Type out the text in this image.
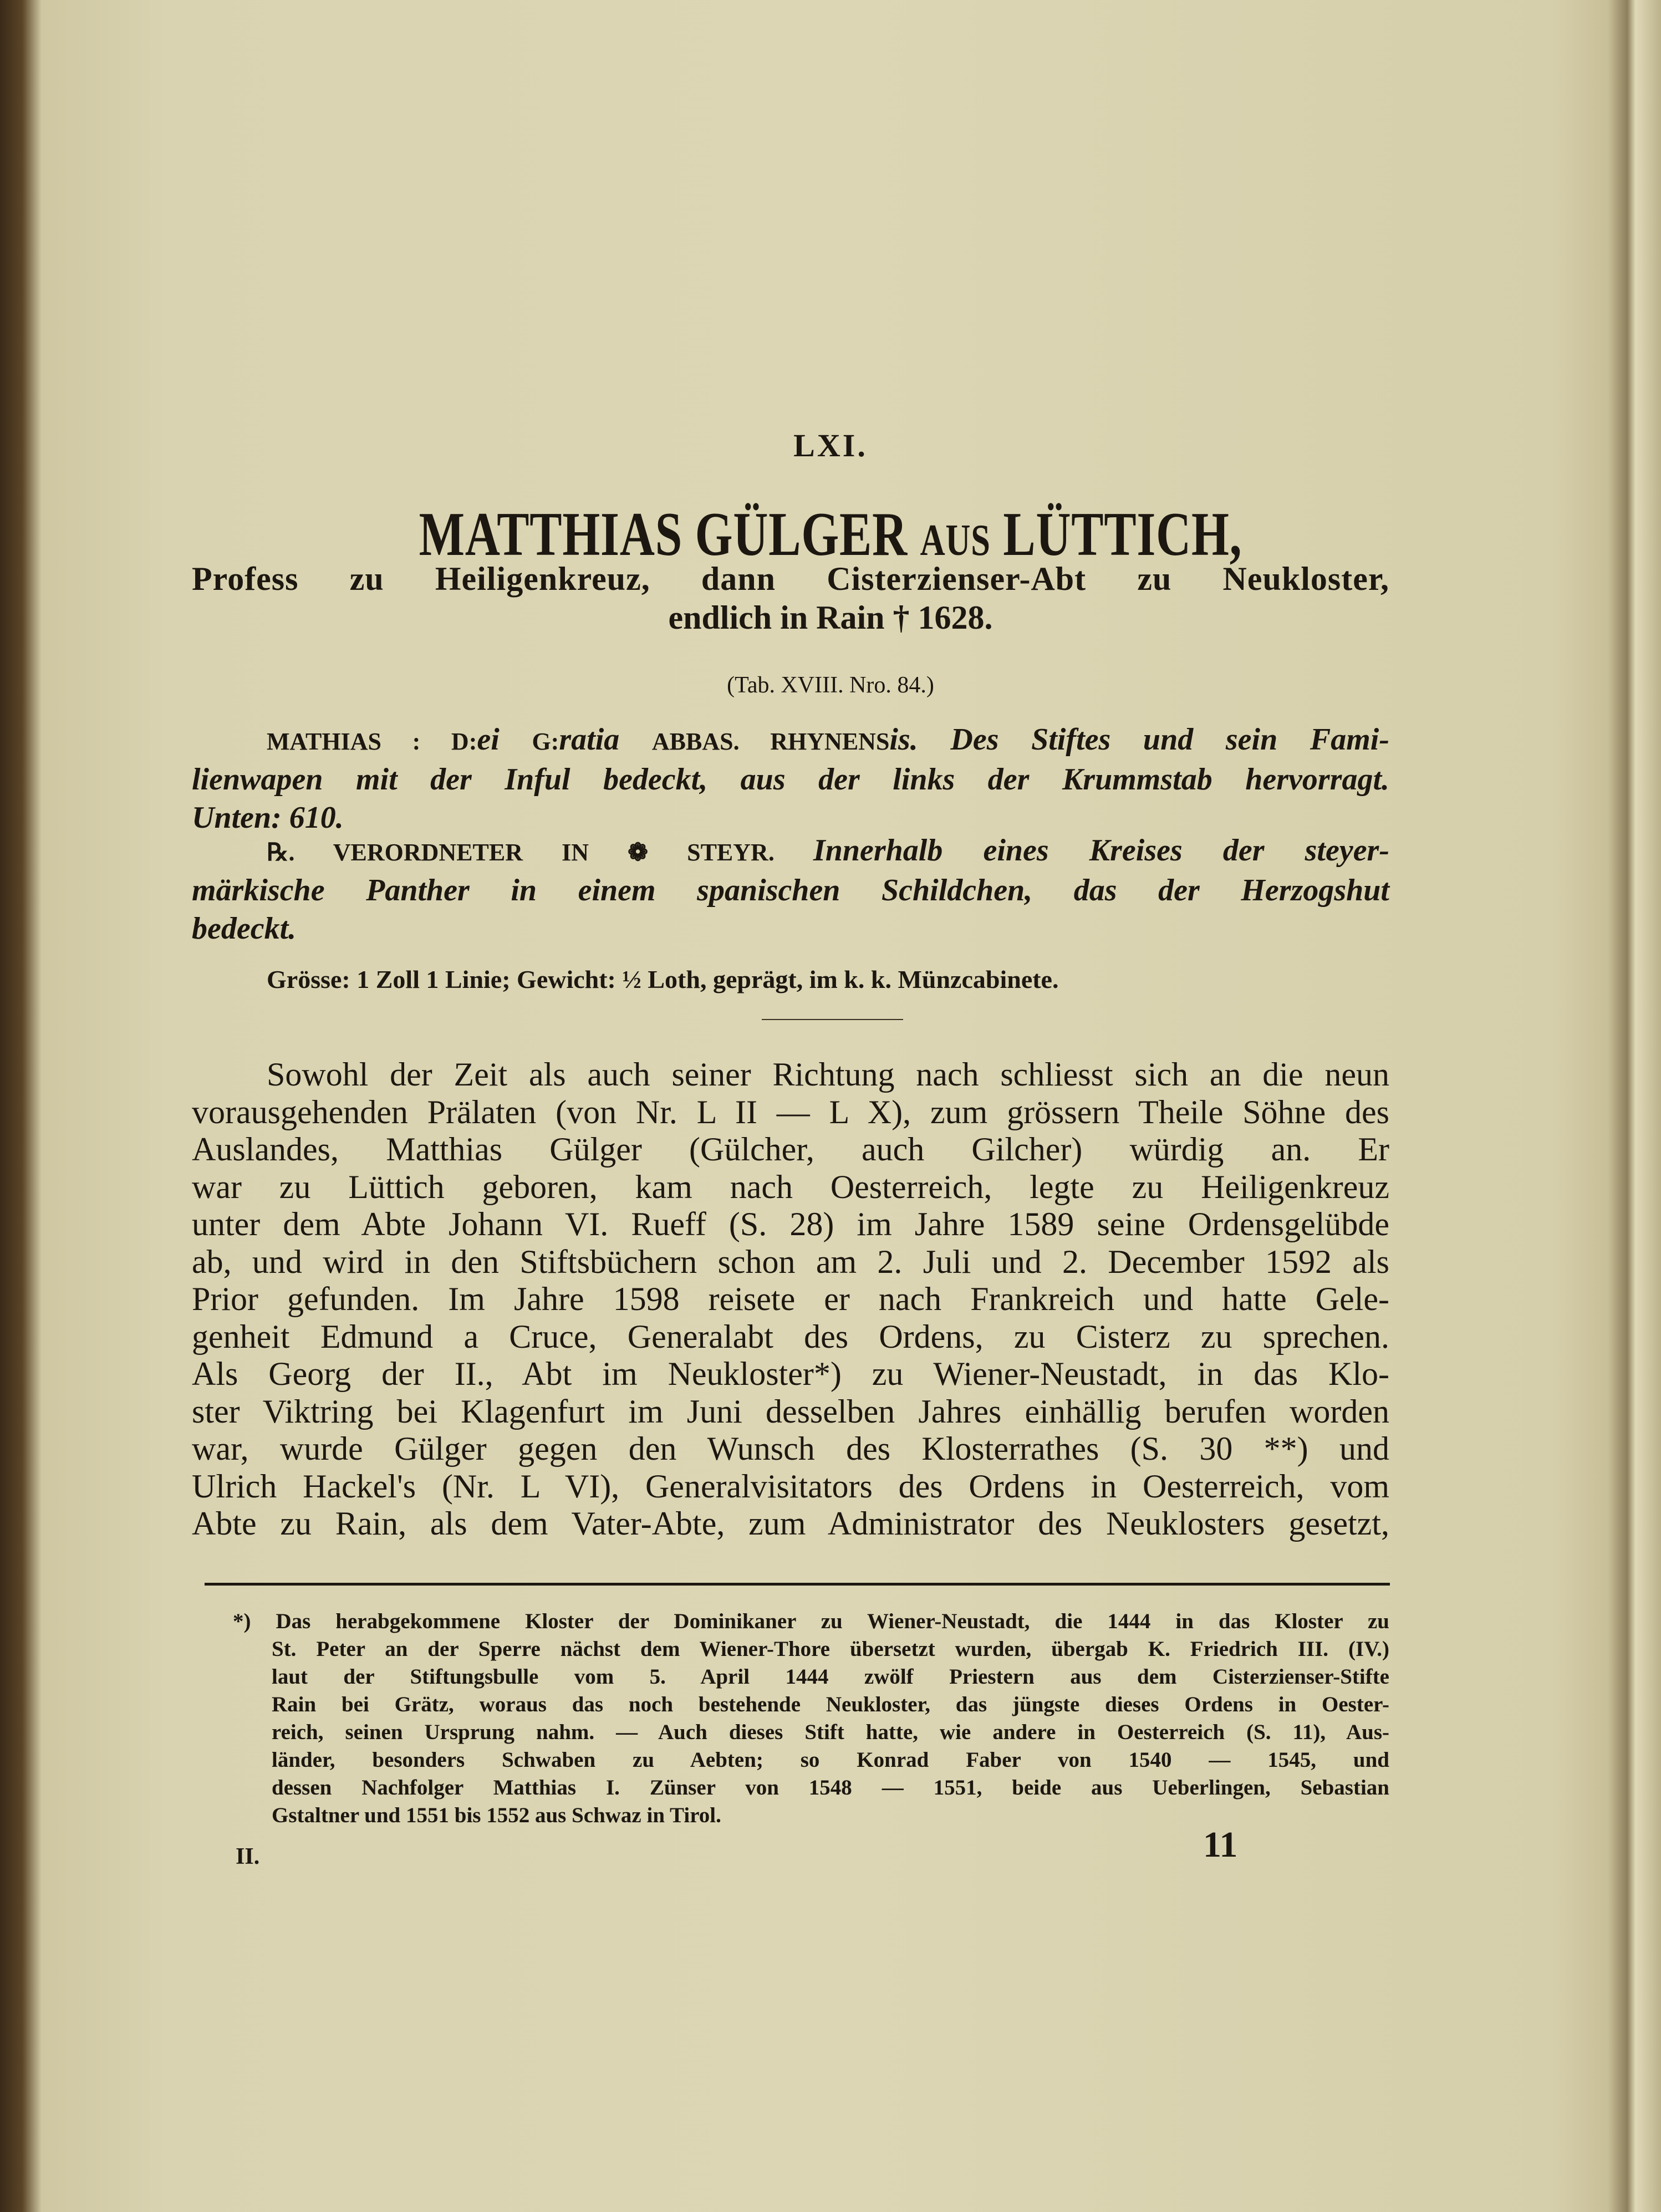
LXI.
MATTHIAS GÜLGER AUS LÜTTICH,
Profess zu Heiligenkreuz, dann Cisterzienser-Abt zu Neukloster,
endlich in Rain † 1628.
(Tab. XVIII. Nro. 84.)
MATHIAS : D:ei G:ratia ABBAS. RHYNENSis. Des Stiftes und sein Fami-
lienwapen mit der Inful bedeckt, aus der links der Krummstab hervorragt.
Unten: 610.
℞. VERORDNETER IN ❁ STEYR. Innerhalb eines Kreises der steyer-
märkische Panther in einem spanischen Schildchen, das der Herzogshut
bedeckt.
Grösse: 1 Zoll 1 Linie; Gewicht: ½ Loth, geprägt, im k. k. Münzcabinete.
Sowohl der Zeit als auch seiner Richtung nach schliesst sich an die neun
vorausgehenden Prälaten (von Nr. L II — L X), zum grössern Theile Söhne des
Auslandes, Matthias Gülger (Gülcher, auch Gilcher) würdig an. Er
war zu Lüttich geboren, kam nach Oesterreich, legte zu Heiligenkreuz
unter dem Abte Johann VI. Rueff (S. 28) im Jahre 1589 seine Ordensgelübde
ab, und wird in den Stiftsbüchern schon am 2. Juli und 2. December 1592 als
Prior gefunden. Im Jahre 1598 reisete er nach Frankreich und hatte Gele-
genheit Edmund a Cruce, Generalabt des Ordens, zu Cisterz zu sprechen.
Als Georg der II., Abt im Neukloster*) zu Wiener-Neustadt, in das Klo-
ster Viktring bei Klagenfurt im Juni desselben Jahres einhällig berufen worden
war, wurde Gülger gegen den Wunsch des Klosterrathes (S. 30 **) und
Ulrich Hackel's (Nr. L VI), Generalvisitators des Ordens in Oesterreich, vom
Abte zu Rain, als dem Vater-Abte, zum Administrator des Neuklosters gesetzt,
*) Das herabgekommene Kloster der Dominikaner zu Wiener-Neustadt, die 1444 in das Kloster zu
St. Peter an der Sperre nächst dem Wiener-Thore übersetzt wurden, übergab K. Friedrich III. (IV.)
laut der Stiftungsbulle vom 5. April 1444 zwölf Priestern aus dem Cisterzienser-Stifte
Rain bei Grätz, woraus das noch bestehende Neukloster, das jüngste dieses Ordens in Oester-
reich, seinen Ursprung nahm. — Auch dieses Stift hatte, wie andere in Oesterreich (S. 11), Aus-
länder, besonders Schwaben zu Aebten; so Konrad Faber von 1540 — 1545, und
dessen Nachfolger Matthias I. Zünser von 1548 — 1551, beide aus Ueberlingen, Sebastian
Gstaltner und 1551 bis 1552 aus Schwaz in Tirol.
II.	11
